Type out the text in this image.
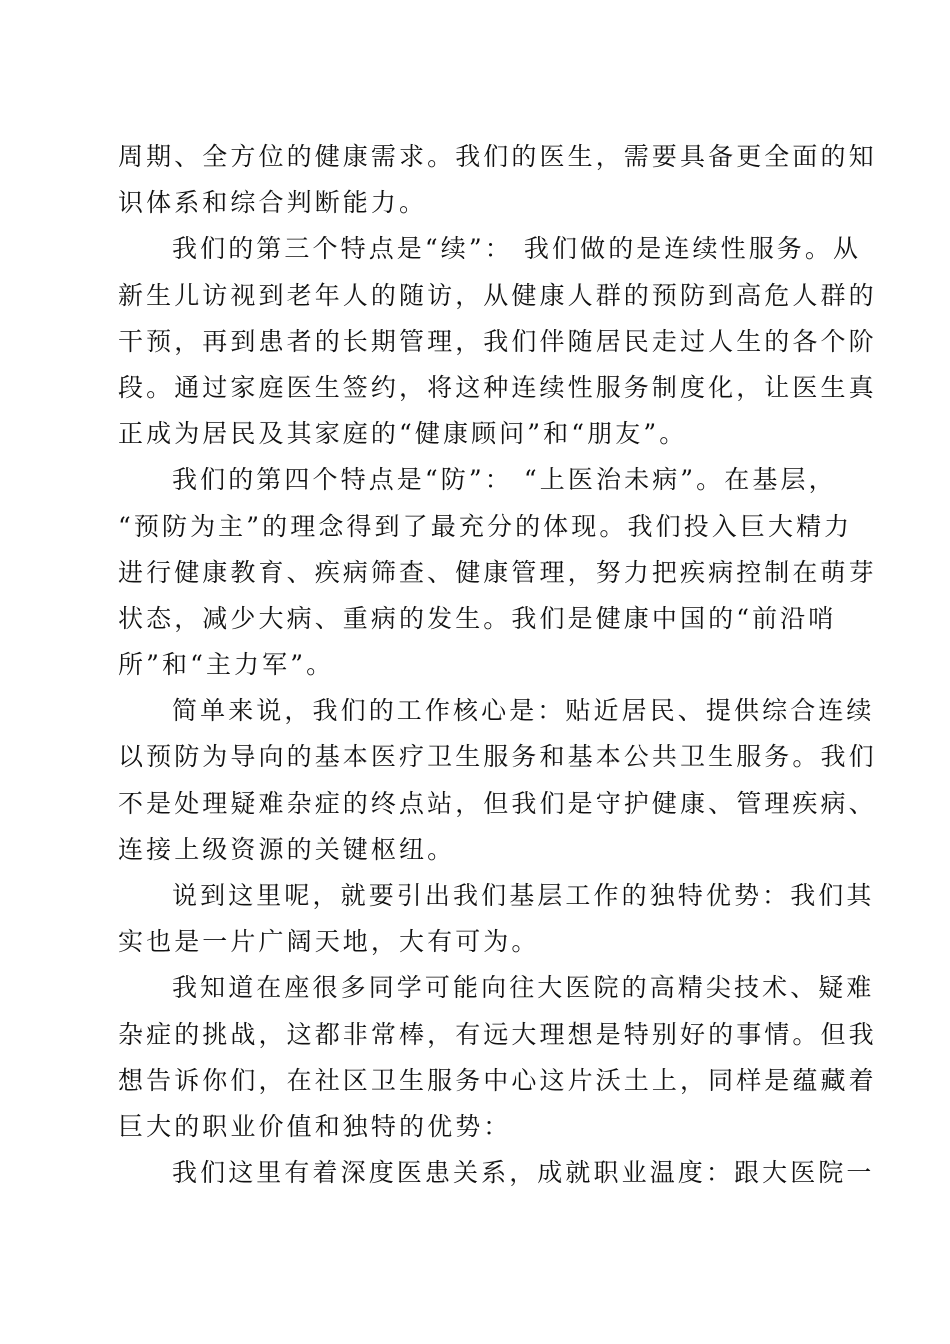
周期、全方位的健康需求。我们的医生，需要具备更全面的知
识体系和综合判断能力。
我们的第三个特点是“续”： 我们做的是连续性服务。从
新生儿访视到老年人的随访，从健康人群的预防到高危人群的
干预，再到患者的长期管理，我们伴随居民走过人生的各个阶
段。通过家庭医生签约，将这种连续性服务制度化，让医生真
正成为居民及其家庭的“健康顾问”和“朋友”。
我们的第四个特点是“防”： “上医治未病”。在基层，
“预防为主”的理念得到了最充分的体现。我们投入巨大精力
进行健康教育、疾病筛查、健康管理，努力把疾病控制在萌芽
状态，减少大病、重病的发生。我们是健康中国的“前沿哨
所”和“主力军”。
简单来说，我们的工作核心是：贴近居民、提供综合连续
以预防为导向的基本医疗卫生服务和基本公共卫生服务。我们
不是处理疑难杂症的终点站，但我们是守护健康、管理疾病、
连接上级资源的关键枢纽。
说到这里呢，就要引出我们基层工作的独特优势：我们其
实也是一片广阔天地，大有可为。
我知道在座很多同学可能向往大医院的高精尖技术、疑难
杂症的挑战，这都非常棒，有远大理想是特别好的事情。但我
想告诉你们，在社区卫生服务中心这片沃土上，同样是蕴藏着
巨大的职业价值和独特的优势：
我们这里有着深度医患关系，成就职业温度：跟大医院一
